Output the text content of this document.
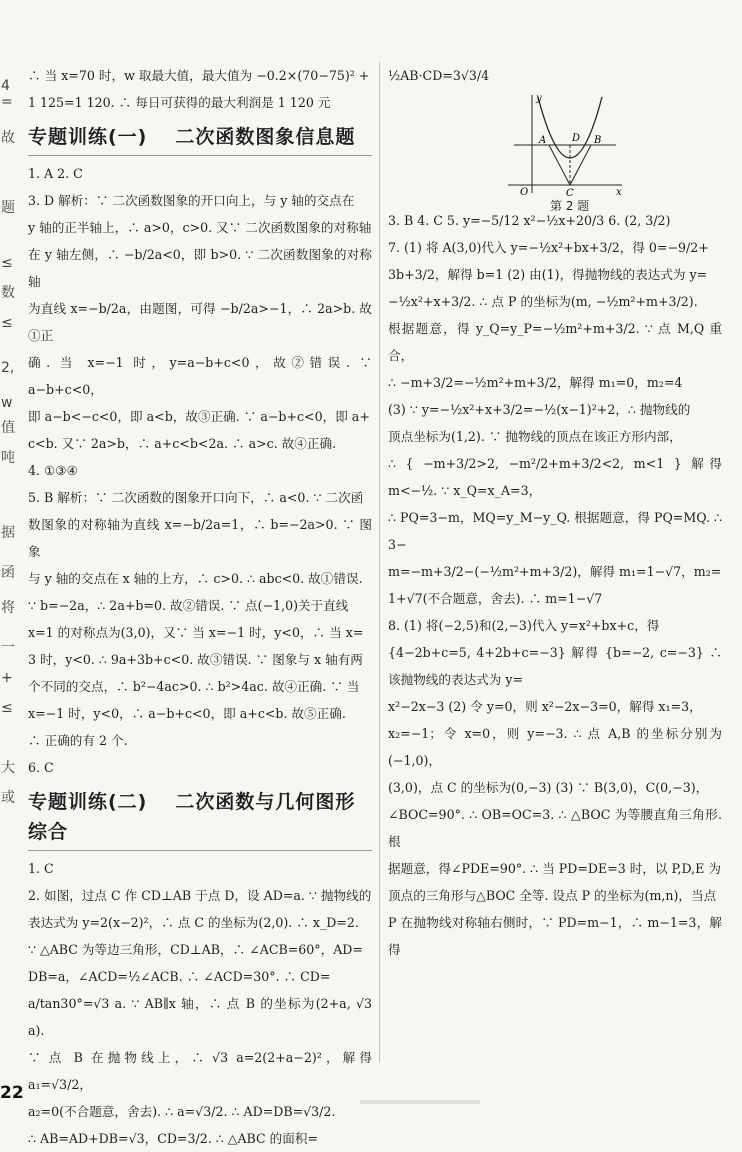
4 =
故
题
≤
数
≤
2,
w
值
吨
据
函
将
一
+
≤
大
或

∴ 当 x=70 时，w 取最大值，最大值为 −0.2×(70−75)² +

1 125=1 120. ∴ 每日可获得的最大利润是 1 120 元

专题训练(一) 二次函数图象信息题

1. A 2. C

3. D 解析：∵ 二次函数图象的开口向上，与 y 轴的交点在

y 轴的正半轴上，∴ a>0，c>0. 又∵ 二次函数图象的对称轴

在 y 轴左侧，∴ −b/2a<0，即 b>0. ∵ 二次函数图象的对称轴

为直线 x=−b/2a，由题图，可得 −b/2a>−1，∴ 2a>b. 故①正

确. 当 x=−1 时，y=a−b+c<0，故②错误. ∵ a−b+c<0，

即 a−b<−c<0，即 a<b，故③正确. ∵ a−b+c<0，即 a+

c<b. 又∵ 2a>b，∴ a+c<b<2a. ∴ a>c. 故④正确.

4. ①③④

5. B 解析：∵ 二次函数的图象开口向下，∴ a<0. ∵ 二次函

数图象的对称轴为直线 x=−b/2a=1，∴ b=−2a>0. ∵ 图象

与 y 轴的交点在 x 轴的上方，∴ c>0. ∴ abc<0. 故①错误.

∵ b=−2a，∴ 2a+b=0. 故②错误. ∵ 点(−1,0)关于直线

x=1 的对称点为(3,0)，又∵ 当 x=−1 时，y<0，∴ 当 x=

3 时，y<0. ∴ 9a+3b+c<0. 故③错误. ∵ 图象与 x 轴有两

个不同的交点，∴ b²−4ac>0. ∴ b²>4ac. 故④正确. ∵ 当

x=−1 时，y<0，∴ a−b+c<0，即 a+c<b. 故⑤正确.

∴ 正确的有 2 个.

6. C

专题训练(二) 二次函数与几何图形综合

1. C

2. 如图，过点 C 作 CD⊥AB 于点 D，设 AD=a. ∵ 抛物线的

表达式为 y=2(x−2)²，∴ 点 C 的坐标为(2,0). ∴ x_D=2.

∵ △ABC 为等边三角形，CD⊥AB，∴ ∠ACB=60°，AD=

DB=a，∠ACD=½∠ACB. ∴ ∠ACD=30°. ∴ CD=

a/tan30°=√3 a. ∵ AB∥x 轴，∴ 点 B 的坐标为(2+a, √3 a).

∵ 点 B 在抛物线上，∴ √3 a=2(2+a−2)²，解得 a₁=√3/2，

a₂=0(不合题意，舍去). ∴ a=√3/2. ∴ AD=DB=√3/2.

∴ AB=AD+DB=√3，CD=3/2. ∴ △ABC 的面积=

½AB·CD=3√3/4

y
x
O
A	B
C
D
第 2 题

3. B 4. C 5. y=−5/12 x²−½x+20/3 6. (2, 3/2)

7. (1) 将 A(3,0)代入 y=−½x²+bx+3/2，得 0=−9/2+

3b+3/2，解得 b=1 (2) 由(1)，得抛物线的表达式为 y=

−½x²+x+3/2. ∴ 点 P 的坐标为(m, −½m²+m+3/2).

根据题意，得 y_Q=y_P=−½m²+m+3/2. ∵ 点 M,Q 重合，

∴ −m+3/2=−½m²+m+3/2，解得 m₁=0，m₂=4

(3) ∵ y=−½x²+x+3/2=−½(x−1)²+2，∴ 抛物线的

顶点坐标为(1,2). ∵ 抛物线的顶点在该正方形内部，

∴ { −m+3/2>2, −m²/2+m+3/2<2, m<1 } 解得 m<−½. ∵ x_Q=x_A=3，

∴ PQ=3−m，MQ=y_M−y_Q. 根据题意，得 PQ=MQ. ∴ 3−

m=−m+3/2−(−½m²+m+3/2)，解得 m₁=1−√7，m₂=

1+√7(不合题意，舍去). ∴ m=1−√7

8. (1) 将(−2,5)和(2,−3)代入 y=x²+bx+c，得

{4−2b+c=5, 4+2b+c=−3} 解得 {b=−2, c=−3} ∴ 该抛物线的表达式为 y=

x²−2x−3 (2) 令 y=0，则 x²−2x−3=0，解得 x₁=3，

x₂=−1；令 x=0，则 y=−3. ∴ 点 A,B 的坐标分别为(−1,0)，

(3,0)，点 C 的坐标为(0,−3) (3) ∵ B(3,0)，C(0,−3)，

∠BOC=90°. ∴ OB=OC=3. ∴ △BOC 为等腰直角三角形. 根

据题意，得∠PDE=90°. ∴ 当 PD=DE=3 时，以 P,D,E 为

顶点的三角形与△BOC 全等. 设点 P 的坐标为(m,n)，当点

P 在抛物线对称轴右侧时，∵ PD=m−1，∴ m−1=3，解得

22
